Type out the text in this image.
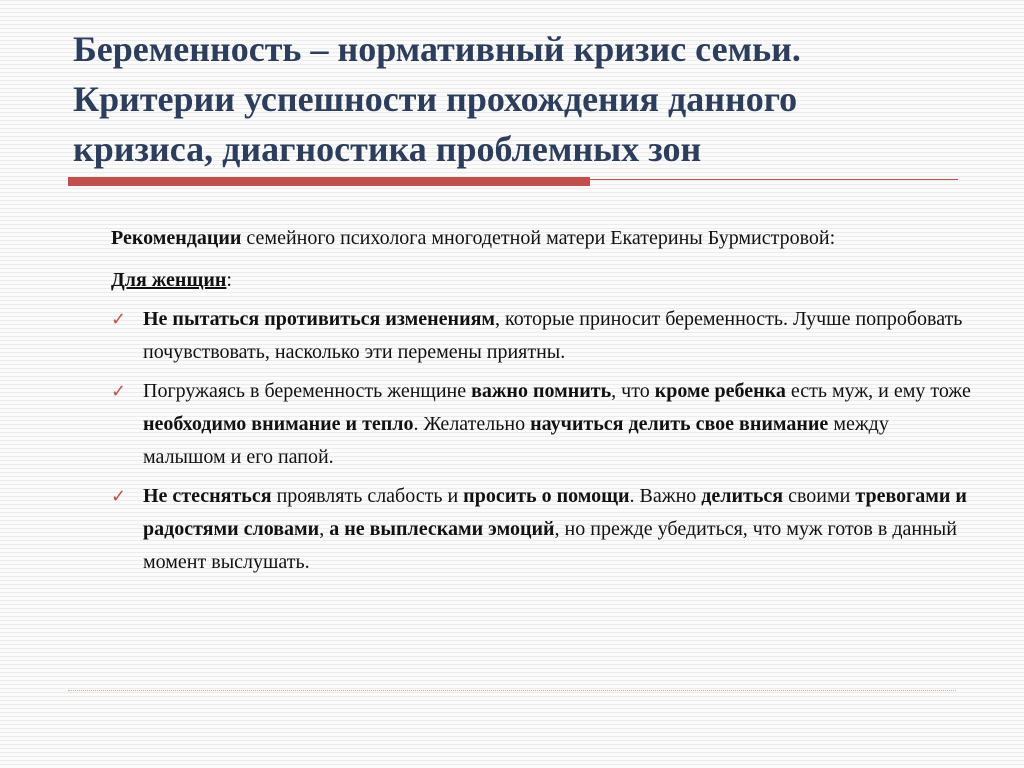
Беременность – нормативный кризис семьи.
Критерии успешности прохождения данного
кризиса, диагностика проблемных зон

Рекомендации семейного психолога многодетной матери Екатерины Бурмистровой:

Для женщин:

✓ Не пытаться противиться изменениям, которые приносит беременность. Лучше попробовать почувствовать, насколько эти перемены приятны.
✓ Погружаясь в беременность женщине важно помнить, что кроме ребенка есть муж, и ему тоже необходимо внимание и тепло. Желательно научиться делить свое внимание между малышом и его папой.
✓ Не стесняться проявлять слабость и просить о помощи. Важно делиться своими тревогами и радостями словами, а не выплесками эмоций, но прежде убедиться, что муж готов в данный момент выслушать.
